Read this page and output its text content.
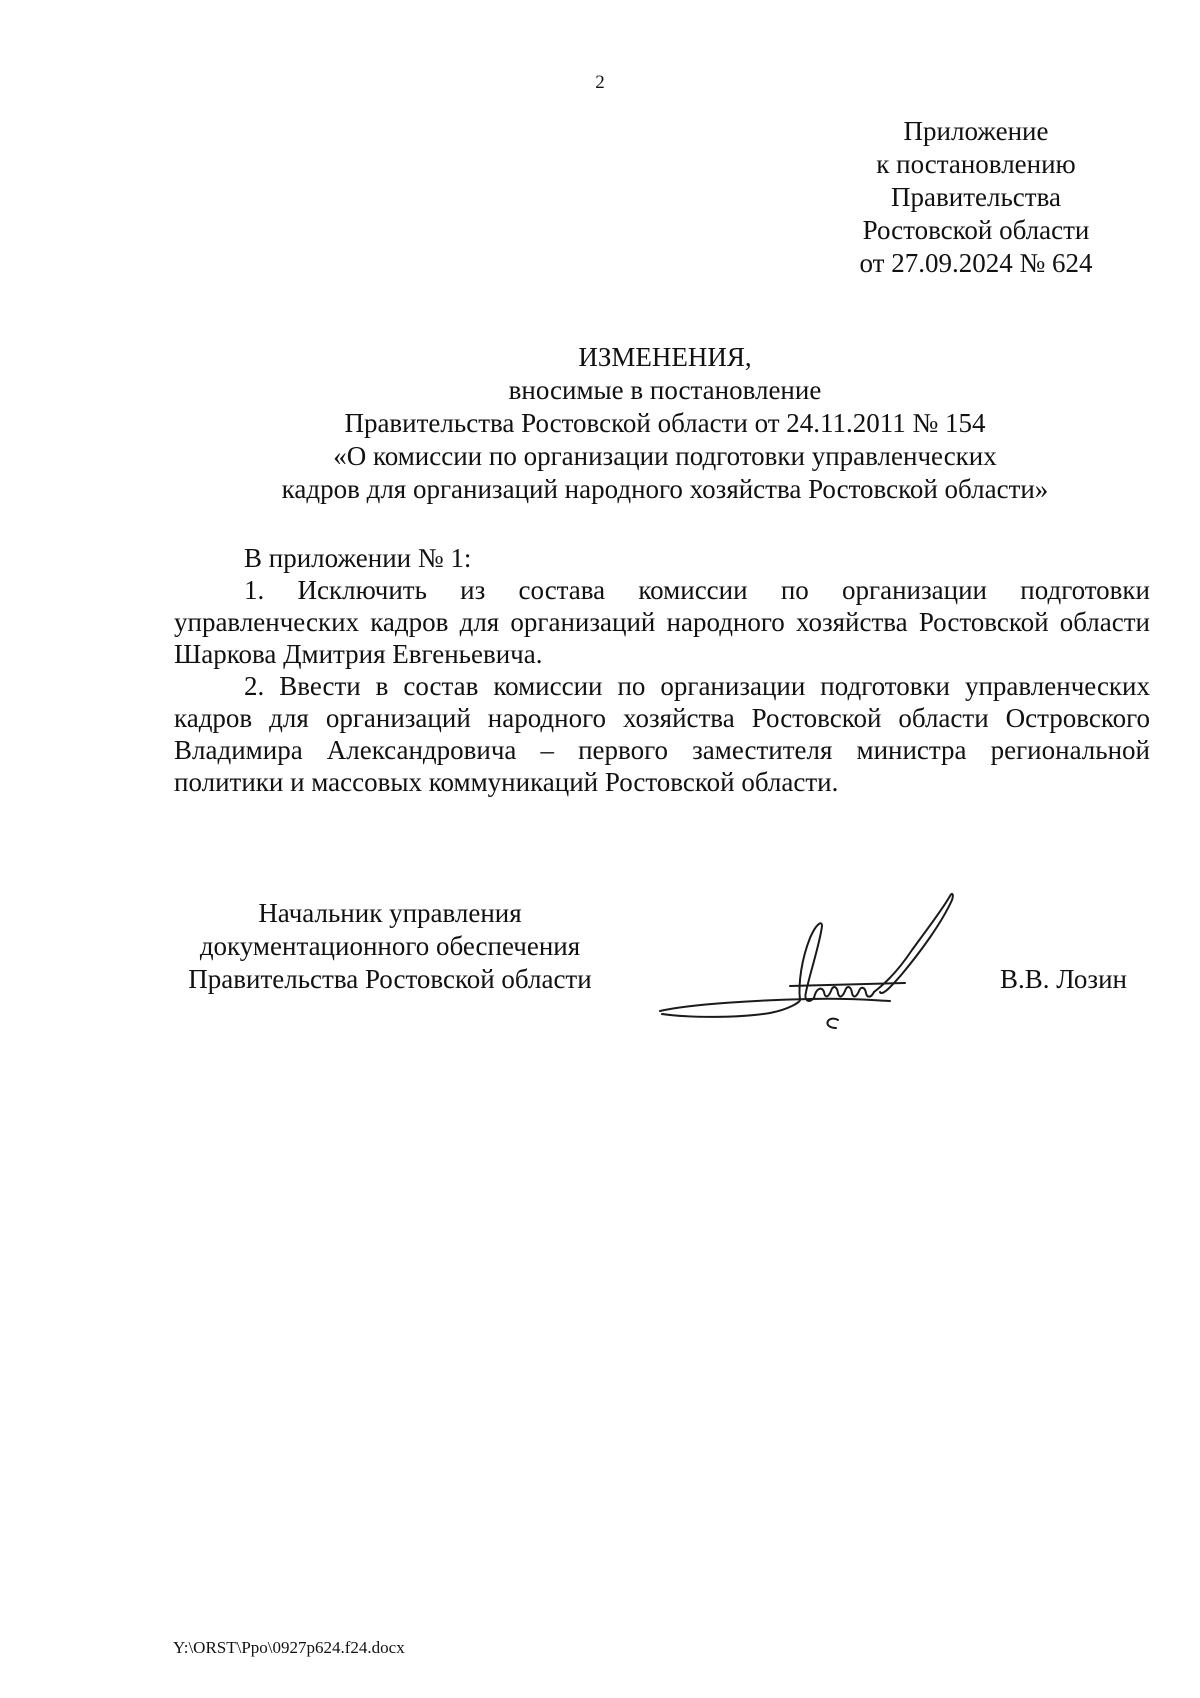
2
Приложение
к постановлению
Правительства
Ростовской области
от 27.09.2024 № 624
ИЗМЕНЕНИЯ,
вносимые в постановление
Правительства Ростовской области от 24.11.2011 № 154
«О комиссии по организации подготовки управленческих
кадров для организаций народного хозяйства Ростовской области»

В приложении № 1:

1. Исключить из состава комиссии по организации подготовки управленческих кадров для организаций народного хозяйства Ростовской области Шаркова Дмитрия Евгеньевича.

2. Ввести в состав комиссии по организации подготовки управленческих кадров для организаций народного хозяйства Ростовской области Островского Владимира Александровича – первого заместителя министра региональной политики и массовых коммуникаций Ростовской области.

Начальник управления
документационного обеспечения
Правительства Ростовской области	В.В. Лозин
Y:\ORST\Ppo\0927p624.f24.docx
